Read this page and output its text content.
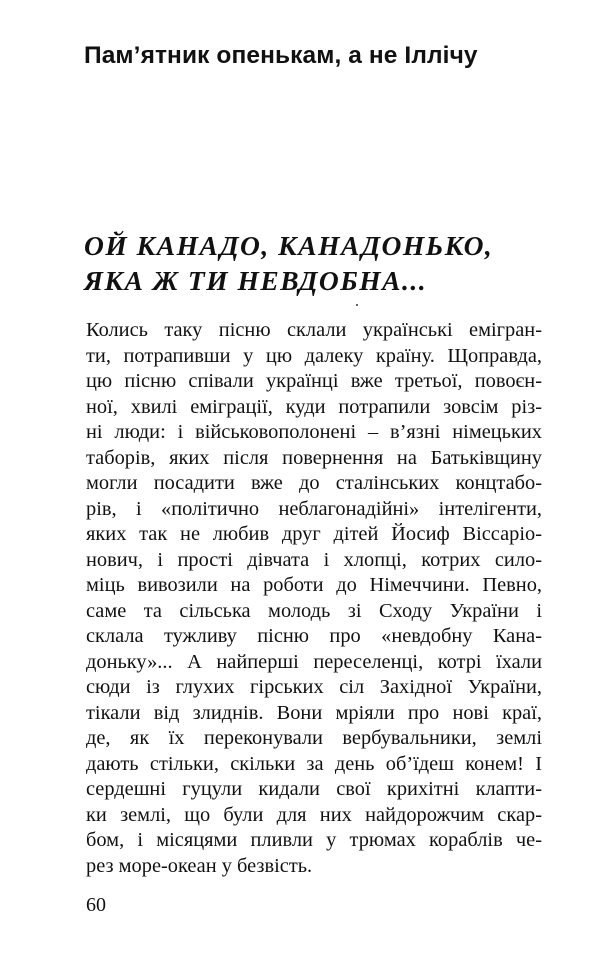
Пам’ятник опенькам, а не Іллічу
ОЙ КАНАДО, КАНАДОНЬКО,
ЯКА Ж ТИ НЕВДОБНА...
Колись таку пісню склали українські емігран-
ти, потрапивши у цю далеку країну. Щоправда,
цю пісню співали українці вже третьої, повоєн-
ної, хвилі еміграції, куди потрапили зовсім різ-
ні люди: і військовополонені – в’язні німецьких
таборів, яких після повернення на Батьківщину
могли посадити вже до сталінських концтабо-
рів, і «політично неблагонадійні» інтелігенти,
яких так не любив друг дітей Йосиф Віссаріо-
нович, і прості дівчата і хлопці, котрих сило-
міць вивозили на роботи до Німеччини. Певно,
саме та сільська молодь зі Сходу України і
склала тужливу пісню про «невдобну Кана-
доньку»... А найперші переселенці, котрі їхали
сюди із глухих гірських сіл Західної України,
тікали від злиднів. Вони мріяли про нові краї,
де, як їх переконували вербувальники, землі
дають стільки, скільки за день об’їдеш конем! І
сердешні гуцули кидали свої крихітні клапти-
ки землі, що були для них найдорожчим скар-
бом, і місяцями пливли у трюмах кораблів че-
рез море-океан у безвість.
60
